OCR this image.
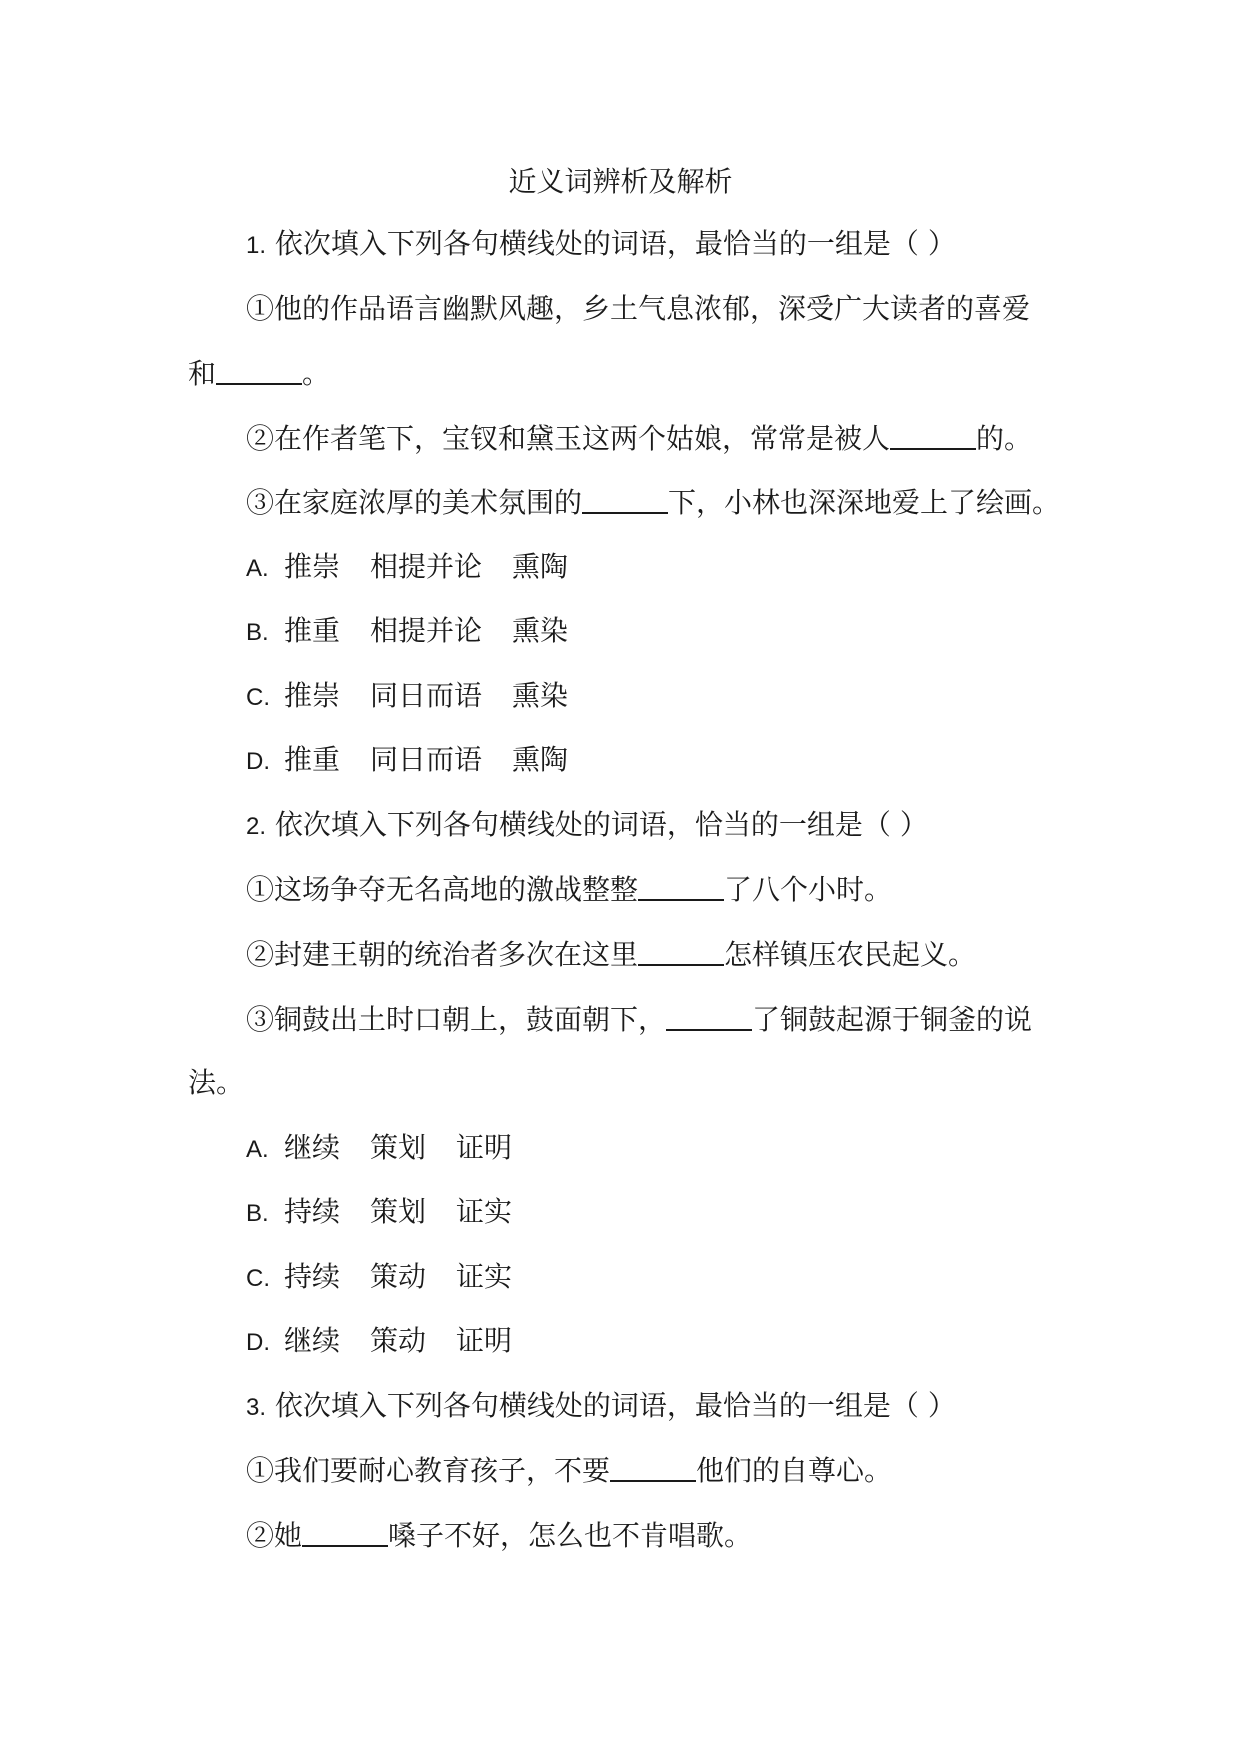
近义词辨析及解析
1. 依次填入下列各句横线处的词语，最恰当的一组是（ ）
①他的作品语言幽默风趣，乡土气息浓郁，深受广大读者的喜爱
和	。
②在作者笔下，宝钗和黛玉这两个姑娘，常常是被人	的。
③在家庭浓厚的美术氛围的	下，小林也深深地爱上了绘画。
A. 推崇 相提并论 熏陶
B. 推重 相提并论 熏染
C. 推崇 同日而语 熏染
D. 推重 同日而语 熏陶
2. 依次填入下列各句横线处的词语，恰当的一组是（ ）
①这场争夺无名高地的激战整整	了八个小时。
②封建王朝的统治者多次在这里	怎样镇压农民起义。
③铜鼓出土时口朝上，鼓面朝下，	了铜鼓起源于铜釜的说
法。
A. 继续 策划 证明
B. 持续 策划 证实
C. 持续 策动 证实
D. 继续 策动 证明
3. 依次填入下列各句横线处的词语，最恰当的一组是（ ）
①我们要耐心教育孩子，不要	他们的自尊心。
②她	嗓子不好，怎么也不肯唱歌。
